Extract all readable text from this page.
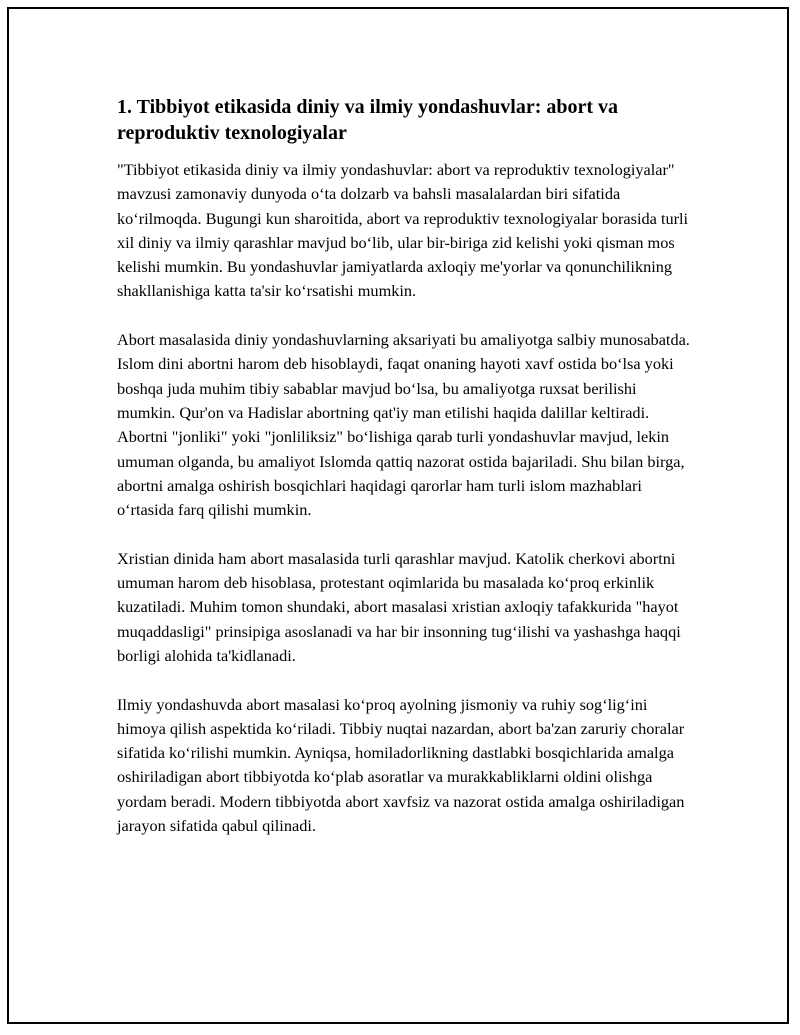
1. Tibbiyot etikasida diniy va ilmiy yondashuvlar: abort va reproduktiv texnologiyalar

"Tibbiyot etikasida diniy va ilmiy yondashuvlar: abort va reproduktiv texnologiyalar" mavzusi zamonaviy dunyoda o‘ta dolzarb va bahsli masalalardan biri sifatida ko‘rilmoqda. Bugungi kun sharoitida, abort va reproduktiv texnologiyalar borasida turli xil diniy va ilmiy qarashlar mavjud bo‘lib, ular bir-biriga zid kelishi yoki qisman mos kelishi mumkin. Bu yondashuvlar jamiyatlarda axloqiy me'yorlar va qonunchilikning shakllanishiga katta ta'sir ko‘rsatishi mumkin.

Abort masalasida diniy yondashuvlarning aksariyati bu amaliyotga salbiy munosabatda. Islom dini abortni harom deb hisoblaydi, faqat onaning hayoti xavf ostida bo‘lsa yoki boshqa juda muhim tibiy sabablar mavjud bo‘lsa, bu amaliyotga ruxsat berilishi mumkin. Qur'on va Hadislar abortning qat'iy man etilishi haqida dalillar keltiradi. Abortni "jonliki" yoki "jonliliksiz" bo‘lishiga qarab turli yondashuvlar mavjud, lekin umuman olganda, bu amaliyot Islomda qattiq nazorat ostida bajariladi. Shu bilan birga, abortni amalga oshirish bosqichlari haqidagi qarorlar ham turli islom mazhablari o‘rtasida farq qilishi mumkin.

Xristian dinida ham abort masalasida turli qarashlar mavjud. Katolik cherkovi abortni umuman harom deb hisoblasa, protestant oqimlarida bu masalada ko‘proq erkinlik kuzatiladi. Muhim tomon shundaki, abort masalasi xristian axloqiy tafakkurida "hayot muqaddasligi" prinsipiga asoslanadi va har bir insonning tug‘ilishi va yashashga haqqi borligi alohida ta'kidlanadi.

Ilmiy yondashuvda abort masalasi ko‘proq ayolning jismoniy va ruhiy sog‘lig‘ini himoya qilish aspektida ko‘riladi. Tibbiy nuqtai nazardan, abort ba'zan zaruriy choralar sifatida ko‘rilishi mumkin. Ayniqsa, homiladorlikning dastlabki bosqichlarida amalga oshiriladigan abort tibbiyotda ko‘plab asoratlar va murakkabliklarni oldini olishga yordam beradi. Modern tibbiyotda abort xavfsiz va nazorat ostida amalga oshiriladigan jarayon sifatida qabul qilinadi.
